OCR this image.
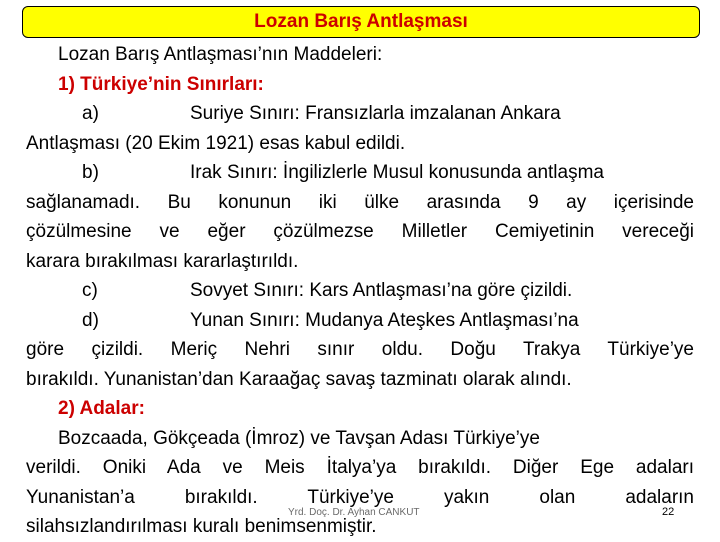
Lozan Barış Antlaşması
Lozan Barış Antlaşması’nın Maddeleri:
1) Türkiye’nin Sınırları:
a)	Suriye Sınırı: Fransızlarla imzalanan Ankara
Antlaşması (20 Ekim 1921) esas kabul edildi.
b)	Irak Sınırı: İngilizlerle Musul konusunda antlaşma
sağlanamadı. Bu konunun iki ülke arasında 9 ay içerisinde
çözülmesine ve eğer çözülmezse Milletler Cemiyetinin vereceği
karara bırakılması kararlaştırıldı.
c)	Sovyet Sınırı: Kars Antlaşması’na göre çizildi.
d)	Yunan Sınırı: Mudanya Ateşkes Antlaşması’na
göre çizildi. Meriç Nehri sınır oldu. Doğu Trakya Türkiye’ye
bırakıldı. Yunanistan’dan Karaağaç savaş tazminatı olarak alındı.
2) Adalar:
Bozcaada, Gökçeada (İmroz) ve Tavşan Adası Türkiye’ye
verildi. Oniki Ada ve Meis İtalya’ya bırakıldı. Diğer Ege adaları
Yunanistan’a bırakıldı. Türkiye’ye yakın olan adaların
silahsızlandırılması kuralı benimsenmiştir.
Yrd. Doç. Dr. Ayhan CANKUT	22
